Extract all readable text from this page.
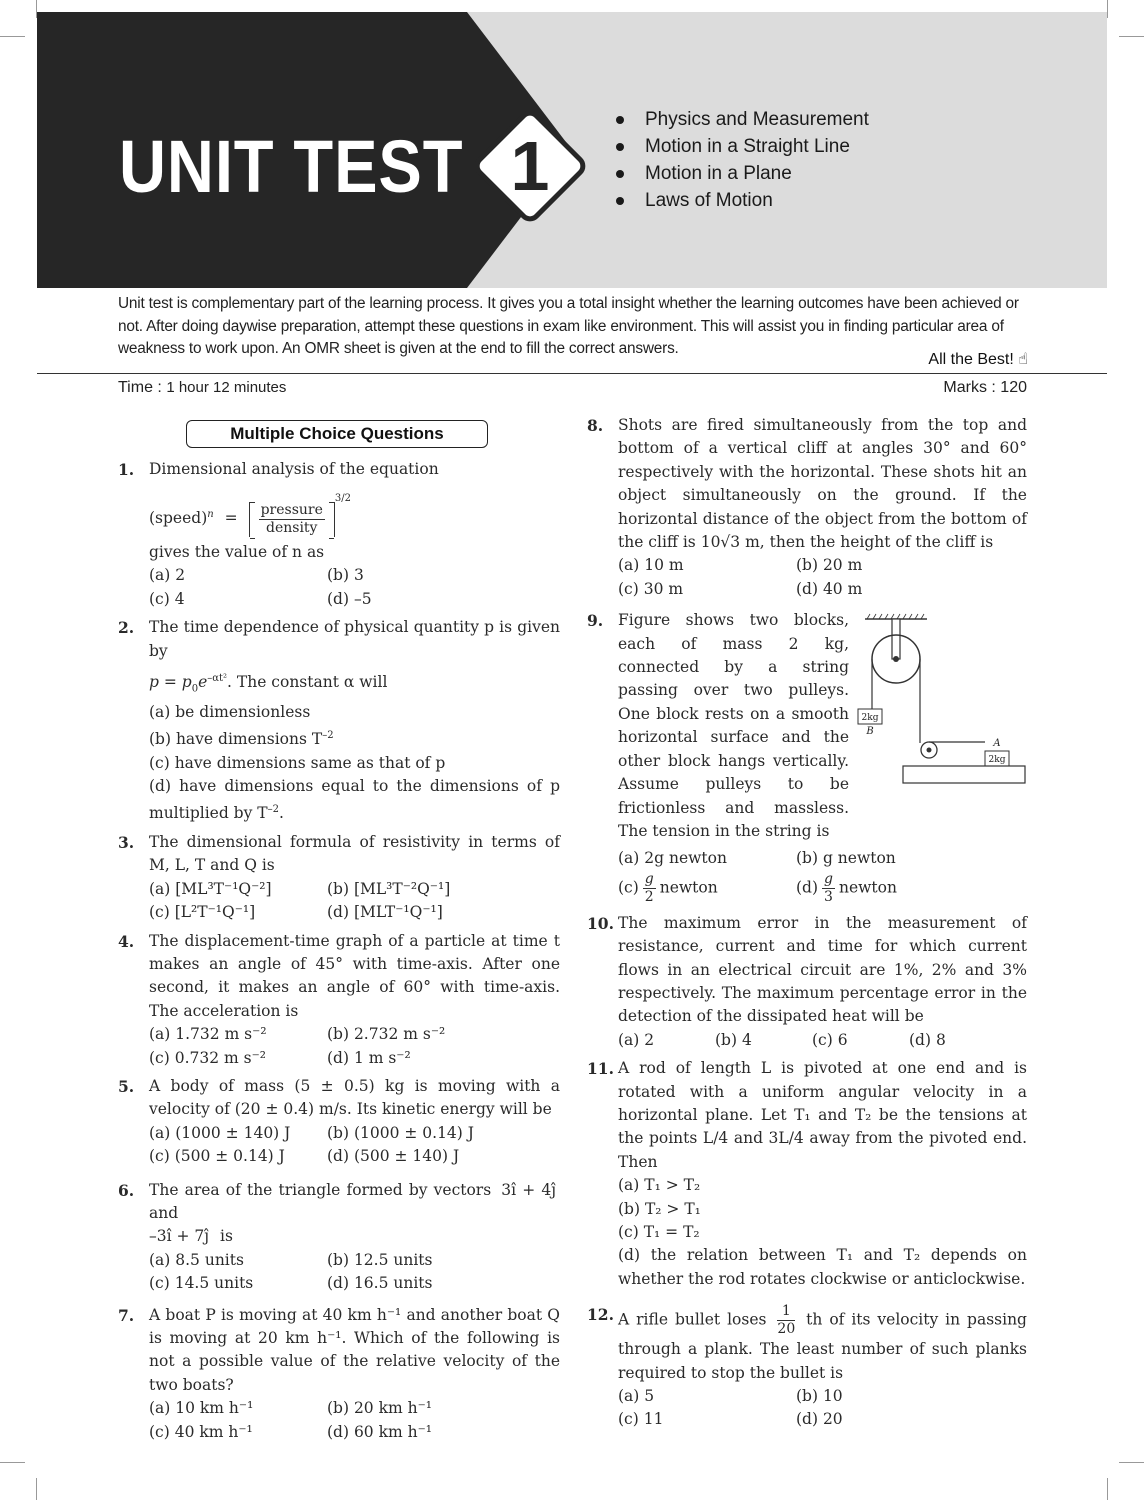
UNIT TEST 1
Physics and Measurement
Motion in a Straight Line
Motion in a Plane
Laws of Motion
Unit test is complementary part of the learning process. It gives you a total insight whether the learning outcomes have been achieved or not. After doing daywise preparation, attempt these questions in exam like environment. This will assist you in finding particular area of weakness to work upon. An OMR sheet is given at the end to fill the correct answers.
All the Best! ☝
Time : 1 hour 12 minutes	Marks : 120
Multiple Choice Questions
1. Dimensional analysis of the equation
(speed)$^n$ = $\frac{\text{pressure}}{\text{density}}$
$^{3/2}$
gives the value of n as
(a) 2	(b) 3
(c) 4	(d) –5
2. The time dependence of physical quantity p is given by
$p = p_0e^{-\alpha t^2}$. The constant α will
(a) be dimensionless
(b) have dimensions $T^{-2}$
(c) have dimensions same as that of p
(d) have dimensions equal to the dimensions of p multiplied by $T^{-2}$.
3. The dimensional formula of resistivity in terms of M, L, T and Q is
(a) [ML³T⁻¹Q⁻²]	(b) [ML³T⁻²Q⁻¹]
(c) [L²T⁻¹Q⁻¹]	(d) [MLT⁻¹Q⁻¹]
4. The displacement-time graph of a particle at time t makes an angle of 45° with time-axis. After one second, it makes an angle of 60° with time-axis. The acceleration is
(a) 1.732 m s⁻²	(b) 2.732 m s⁻²
(c) 0.732 m s⁻²	(d) 1 m s⁻²
5. A body of mass (5 ± 0.5) kg is moving with a velocity of (20 ± 0.4) m/s. Its kinetic energy will be
(a) (1000 ± 140) J	(b) (1000 ± 0.14) J
(c) (500 ± 0.14) J	(d) (500 ± 140) J
6. The area of the triangle formed by vectors 3î + 4ĵ and
–3î + 7ĵ is
(a) 8.5 units	(b) 12.5 units
(c) 14.5 units	(d) 16.5 units
7. A boat P is moving at 40 km h⁻¹ and another boat Q is moving at 20 km h⁻¹. Which of the following is not a possible value of the relative velocity of the two boats?
(a) 10 km h⁻¹	(b) 20 km h⁻¹
(c) 40 km h⁻¹	(d) 60 km h⁻¹
8. Shots are fired simultaneously from the top and bottom of a vertical cliff at angles 30° and 60° respectively with the horizontal. These shots hit an object simultaneously on the ground. If the horizontal distance of the object from the bottom of the cliff is 10√3 m, then the height of the cliff is
(a) 10 m	(b) 20 m
(c) 30 m	(d) 40 m
9.
2kg
B
2kg
A
Figure shows two blocks, each of mass 2 kg, connected by a string passing over two pulleys. One block rests on a smooth horizontal surface and the other block hangs vertically. Assume pulleys to be frictionless and massless. The tension in the string is
(a) 2g newton	(b) g newton
$(c) \frac{g}{2}$ newton	$(d) \frac{g}{3}$ newton
10. The maximum error in the measurement of resistance, current and time for which current flows in an electrical circuit are 1%, 2% and 3% respectively. The maximum percentage error in the detection of the dissipated heat will be
(a) 2	(b) 4	(c) 6	(d) 8
11. A rod of length L is pivoted at one end and is rotated with a uniform angular velocity in a horizontal plane. Let T₁ and T₂ be the tensions at the points L/4 and 3L/4 away from the pivoted end. Then
(a) T₁ > T₂
(b) T₂ > T₁
(c) T₁ = T₂
(d) the relation between T₁ and T₂ depends on whether the rod rotates clockwise or anticlockwise.
12. A rifle bullet loses $\frac{1}{20}$ th of its velocity in passing through a plank. The least number of such planks required to stop the bullet is
(a) 5	(b) 10
(c) 11	(d) 20
